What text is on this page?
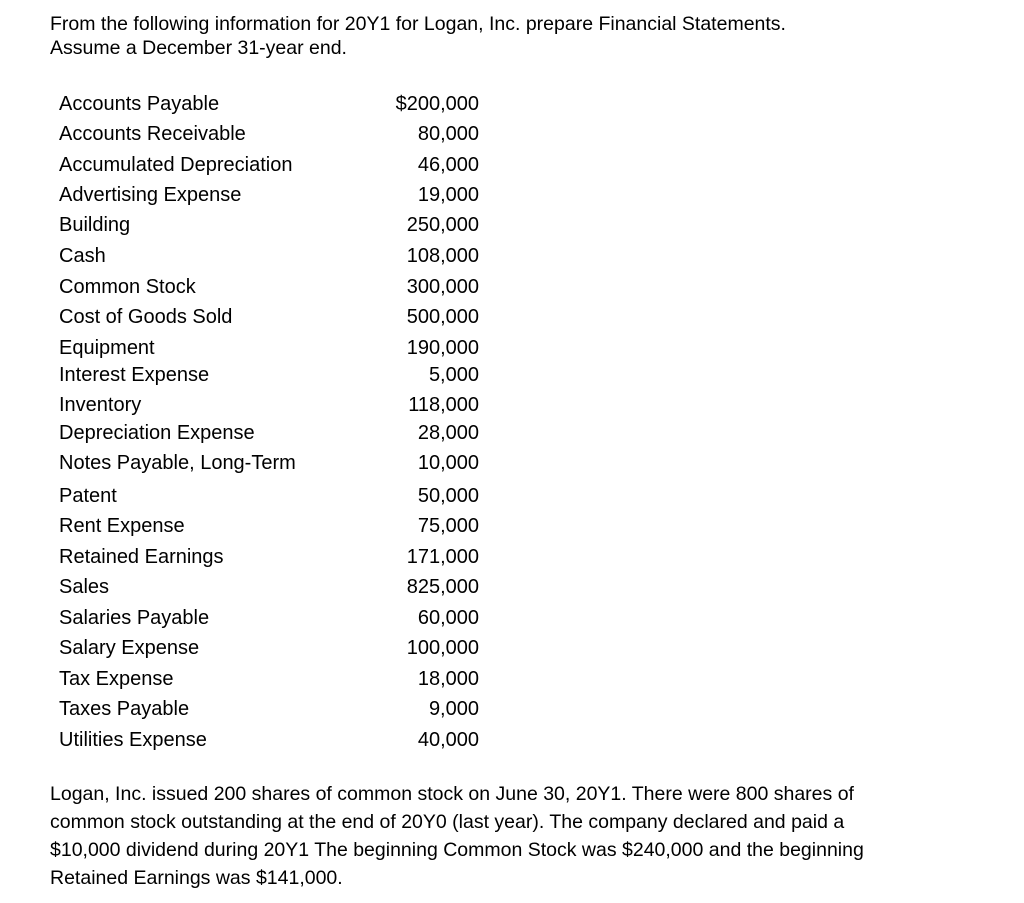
From the following information for 20Y1 for Logan, Inc. prepare Financial Statements.
Assume a December 31-year end.
Accounts Payable	$200,000
Accounts Receivable	80,000
Accumulated Depreciation	46,000
Advertising Expense	19,000
Building	250,000
Cash	108,000
Common Stock	300,000
Cost of Goods Sold	500,000
Equipment	190,000
Interest Expense	5,000
Inventory	118,000
Depreciation Expense	28,000
Notes Payable, Long-Term	10,000
Patent	50,000
Rent Expense	75,000
Retained Earnings	171,000
Sales	825,000
Salaries Payable	60,000
Salary Expense	100,000
Tax Expense	18,000
Taxes Payable	9,000
Utilities Expense	40,000
Logan, Inc. issued 200 shares of common stock on June 30, 20Y1. There were 800 shares of
common stock outstanding at the end of 20Y0 (last year). The company declared and paid a
$10,000 dividend during 20Y1 The beginning Common Stock was $240,000 and the beginning
Retained Earnings was $141,000.
